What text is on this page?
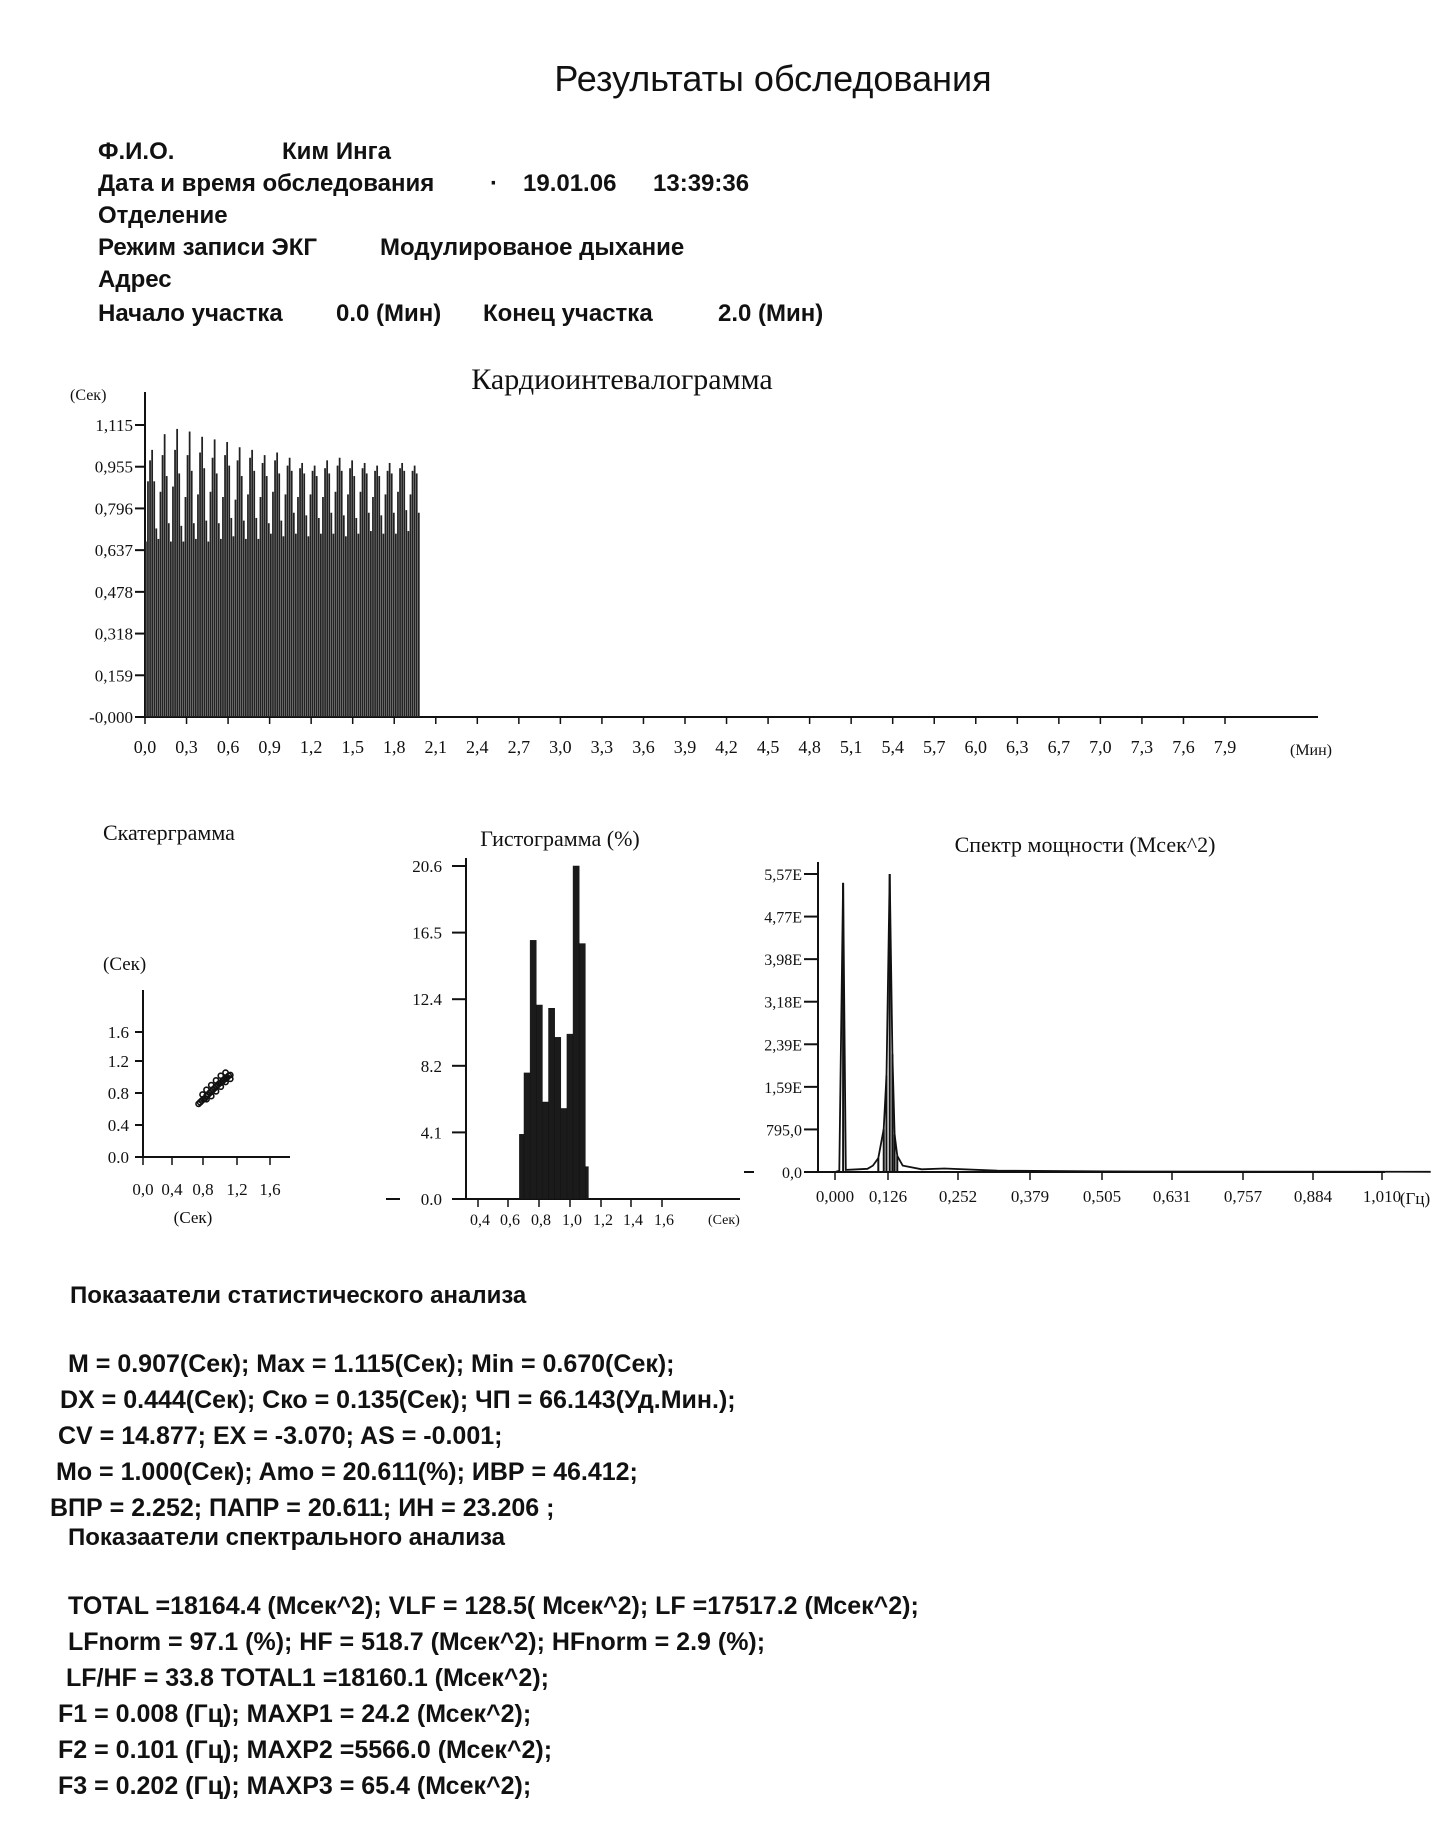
Результаты обследования
Ф.И.О.	Ким Инга
Дата и время обследования · 19.01.06 13:39:36
Отделение
Режим записи ЭКГ	Модулированое дыхание
Адрес
Начало участка 0.0 (Мин) Конец участка	2.0 (Мин)
Кардиоинтевалограмма
(Сек)
1,115
0,955
0,796
0,637
0,478
0,318
0,159
-0,000
0,0 0,3 0,6 0,9 1,2 1,5 1,8 2,1 2,4 2,7 3,0 3,3 3,6 3,9 4,2 4,5 4,8 5,1 5,4 5,7 6,0 6,3 6,7 7,0 7,3 7,6 7,9	(Мин)
Скатерграмма
(Сек)
1.6
1.2
0.8
0.4
0.0
0,0 0,4 0,8 1,2 1,6
(Сек)
Гистограмма (%)
20.6
16.5
12.4
8.2
4.1
0.0
0,4 0,6 0,8 1,0 1,2 1,4 1,6 (Сек)
Спектр мощности (Мсек^2)
5,57E
4,77E
3,98E
3,18E
2,39E
1,59E
795,0
0,0
0,000 0,126 0,252 0,379 0,505 0,631 0,757 0,884 1,010
(Гц)
Показаатели статистического анализа
M = 0.907(Сек); Max = 1.115(Сек); Min = 0.670(Сек);
DX = 0.444(Сек); Ско = 0.135(Сек); ЧП = 66.143(Уд.Мин.);
CV = 14.877; EX = -3.070; AS = -0.001;
Mo = 1.000(Сек); Amo = 20.611(%); ИВР = 46.412;
ВПР = 2.252; ПАПР = 20.611; ИН = 23.206 ;
Показаатели спектрального анализа
TOTAL =18164.4 (Мсек^2); VLF = 128.5( Мсек^2); LF =17517.2 (Мсек^2);
LFnorm = 97.1 (%); HF = 518.7 (Мсек^2); HFnorm = 2.9 (%);
LF/HF = 33.8 TOTAL1 =18160.1 (Мсек^2);
F1 = 0.008 (Гц); MAXP1 = 24.2 (Мсек^2);
F2 = 0.101 (Гц); MAXP2 =5566.0 (Мсек^2);
F3 = 0.202 (Гц); MAXP3 = 65.4 (Мсек^2);
